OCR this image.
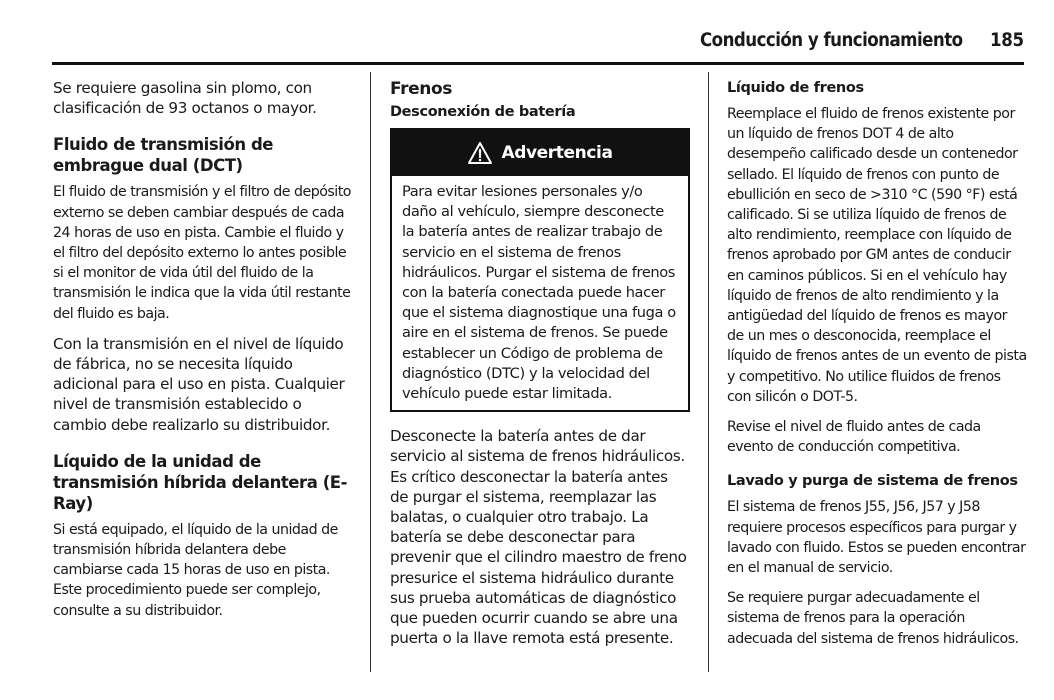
Conducción y funcionamiento 185

Se requiere gasolina sin plomo, con clasificación de 93 octanos o mayor.

Fluido de transmisión de embrague dual (DCT)

El fluido de transmisión y el filtro de depósito externo se deben cambiar después de cada 24 horas de uso en pista. Cambie el fluido y el filtro del depósito externo lo antes posible si el monitor de vida útil del fluido de la transmisión le indica que la vida útil restante del fluido es baja.

Con la transmisión en el nivel de líquido de fábrica, no se necesita líquido adicional para el uso en pista. Cualquier nivel de transmisión establecido o cambio debe realizarlo su distribuidor.

Líquido de la unidad de transmisión híbrida delantera (E-Ray)

Si está equipado, el líquido de la unidad de transmisión híbrida delantera debe cambiarse cada 15 horas de uso en pista. Este procedimiento puede ser complejo, consulte a su distribuidor.

Frenos
Desconexión de batería
Advertencia
Para evitar lesiones personales y/o daño al vehículo, siempre desconecte la batería antes de realizar trabajo de servicio en el sistema de frenos hidráulicos. Purgar el sistema de frenos con la batería conectada puede hacer que el sistema diagnostique una fuga o aire en el sistema de frenos. Se puede establecer un Código de problema de diagnóstico (DTC) y la velocidad del vehículo puede estar limitada.

Desconecte la batería antes de dar servicio al sistema de frenos hidráulicos. Es crítico desconectar la batería antes de purgar el sistema, reemplazar las balatas, o cualquier otro trabajo. La batería se debe desconectar para prevenir que el cilindro maestro de freno presurice el sistema hidráulico durante sus prueba automáticas de diagnóstico que pueden ocurrir cuando se abre una puerta o la llave remota está presente.

Líquido de frenos

Reemplace el fluido de frenos existente por un líquido de frenos DOT 4 de alto desempeño calificado desde un contenedor sellado. El líquido de frenos con punto de ebullición en seco de >310 °C (590 °F) está calificado. Si se utiliza líquido de frenos de alto rendimiento, reemplace con líquido de frenos aprobado por GM antes de conducir en caminos públicos. Si en el vehículo hay líquido de frenos de alto rendimiento y la antigüedad del líquido de frenos es mayor de un mes o desconocida, reemplace el líquido de frenos antes de un evento de pista y competitivo. No utilice fluidos de frenos con silicón o DOT-5.

Revise el nivel de fluido antes de cada evento de conducción competitiva.

Lavado y purga de sistema de frenos

El sistema de frenos J55, J56, J57 y J58 requiere procesos específicos para purgar y lavado con fluido. Estos se pueden encontrar en el manual de servicio.

Se requiere purgar adecuadamente el sistema de frenos para la operación adecuada del sistema de frenos hidráulicos.
